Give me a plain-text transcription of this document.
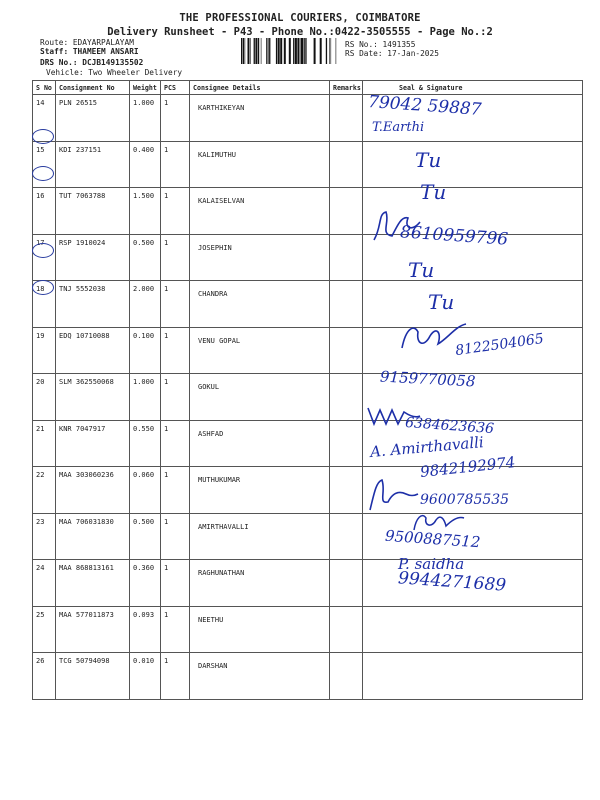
THE PROFESSIONAL COURIERS, COIMBATORE
Delivery Runsheet - P43 - Phone No.:0422-3505555 - Page No.:2
Route: EDAYARPALAYAM
Staff: THAMEEM ANSARI
DRS No.: DCJB149135502
Vehicle: Two Wheeler Delivery
RS No.: 1491355
RS Date: 17-Jan-2025
S No	Consignment No	Weight	PCS	Consignee Details	Remarks	Seal & Signature
14	PLN 26515	1.000	1	KARTHIKEYAN		
15	KDI 237151	0.400	1	KALIMUTHU		
16	TUT 7063788	1.500	1	KALAISELVAN		
17	RSP 1910024	0.500	1	JOSEPHIN		
18	TNJ 5552038	2.000	1	CHANDRA		
19	EDQ 10710088	0.100	1	VENU GOPAL		
20	SLM 362550068	1.000	1	GOKUL		
21	KNR 7047917	0.550	1	ASHFAD		
22	MAA 303060236	0.060	1	MUTHUKUMAR		
23	MAA 706031830	0.500	1	AMIRTHAVALLI		
24	MAA 868813161	0.360	1	RAGHUNATHAN		
25	MAA 577011873	0.093	1	NEETHU		
26	TCG 50794098	0.010	1	DARSHAN		
79042 59887
T.Earthi
Tu
Tu
8610959796
Tu
Tu
8122504065
9159770058
6384623636
A. Amirthavalli
9842192974
9600785535
9500887512
P. saidha
9944271689
